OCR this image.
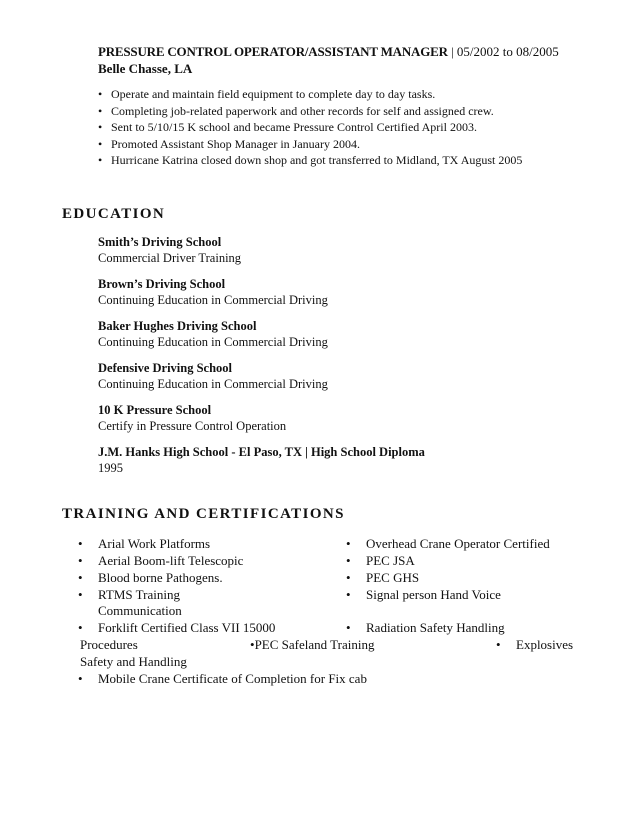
PRESSURE CONTROL OPERATOR/ASSISTANT MANAGER | 05/2002 to 08/2005
Belle Chasse, LA
• Operate and maintain field equipment to complete day to day tasks.
• Completing job-related paperwork and other records for self and assigned crew.
• Sent to 5/10/15 K school and became Pressure Control Certified April 2003.
• Promoted Assistant Shop Manager in January 2004.
• Hurricane Katrina closed down shop and got transferred to Midland, TX August 2005
EDUCATION
Smith’s Driving School
Commercial Driver Training
Brown’s Driving School
Continuing Education in Commercial Driving
Baker Hughes Driving School
Continuing Education in Commercial Driving
Defensive Driving School
Continuing Education in Commercial Driving
10 K Pressure School
Certify in Pressure Control Operation
J.M. Hanks High School - El Paso, TX | High School Diploma
1995
TRAINING AND CERTIFICATIONS
• Arial Work Platforms
• Aerial Boom-lift Telescopic
• Blood borne Pathogens.
• RTMS Training
Communication
• Forklift Certified Class VII 15000
• Overhead Crane Operator Certified
• PEC JSA
• PEC GHS
• Signal person Hand Voice
• Radiation Safety Handling
Procedures	•PEC Safeland Training
•	Explosives
Safety and Handling
• Mobile Crane Certificate of Completion for Fix cab
